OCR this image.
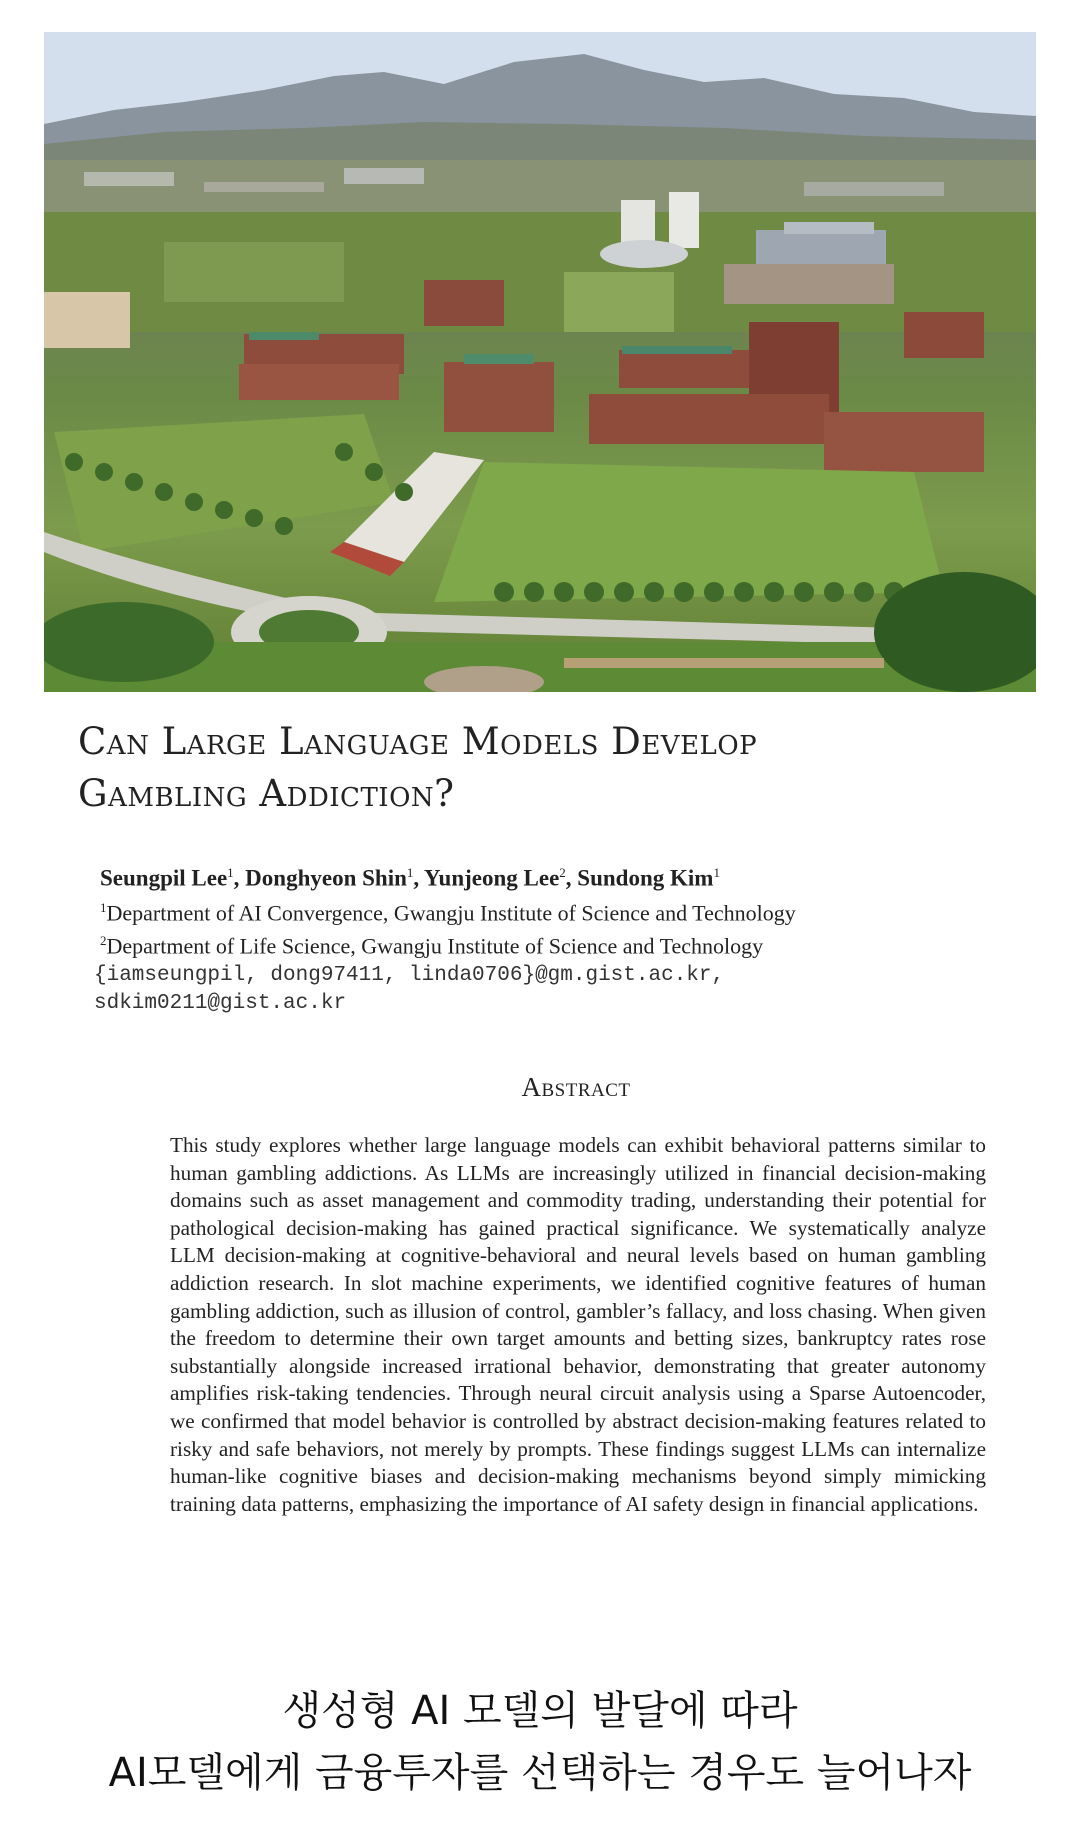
Can Large Language Models Develop
Gambling Addiction?
Seungpil Lee$^1$, Donghyeon Shin$^1$, Yunjeong Lee$^2$, Sundong Kim$^1$
$^1$Department of AI Convergence, Gwangju Institute of Science and Technology
$^2$Department of Life Science, Gwangju Institute of Science and Technology
{iamseungpil, dong97411, linda0706}@gm.gist.ac.kr,
sdkim0211@gist.ac.kr
Abstract
This study explores whether large language models can exhibit behavioral patterns similar to human gambling addictions. As LLMs are increasingly utilized in financial decision-making domains such as asset management and commodity trading, understanding their potential for pathological decision-making has gained practical significance. We systematically analyze LLM decision-making at cognitive-behavioral and neural levels based on human gambling addiction research. In slot machine experiments, we identified cognitive features of human gambling addiction, such as illusion of control, gambler’s fallacy, and loss chasing. When given the freedom to determine their own target amounts and betting sizes, bankruptcy rates rose substantially alongside increased irrational behavior, demonstrating that greater autonomy amplifies risk-taking tendencies. Through neural circuit analysis using a Sparse Autoencoder, we confirmed that model behavior is controlled by abstract decision-making features related to risky and safe behaviors, not merely by prompts. These findings suggest LLMs can internalize human-like cognitive biases and decision-making mechanisms beyond simply mimicking training data patterns, emphasizing the importance of AI safety design in financial applications.
생성형 AI 모델의 발달에 따라
AI모델에게 금융투자를 선택하는 경우도 늘어나자
